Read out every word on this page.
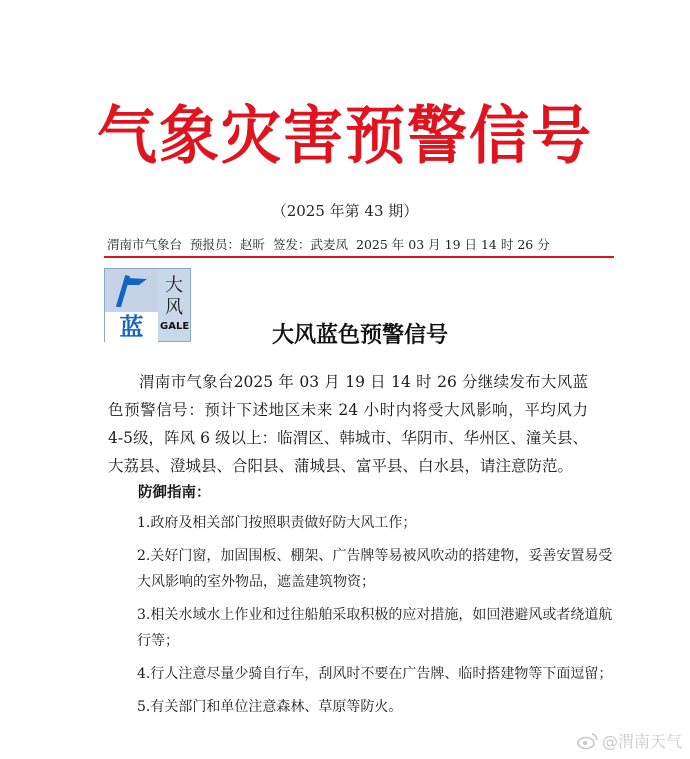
气象灾害预警信号
（2025 年第 43 期）
渭南市气象台 预报员：赵昕 签发：武麦凤 2025 年 03 月 19 日 14 时 26 分
大
风
蓝	GALE	大风蓝色预警信号
渭南市气象台2025 年 03 月 19 日 14 时 26 分继续发布大风蓝色预警信号：预计下述地区未来 24 小时内将受大风影响，平均风力 4-5级，阵风 6 级以上：临渭区、韩城市、华阴市、华州区、潼关县、大荔县、澄城县、合阳县、蒲城县、富平县、白水县，请注意防范。
防御指南：

1.政府及相关部门按照职责做好防大风工作；

2.关好门窗，加固围板、棚架、广告牌等易被风吹动的搭建物，妥善安置易受大风影响的室外物品，遮盖建筑物资；

3.相关水域水上作业和过往船舶采取积极的应对措施，如回港避风或者绕道航行等；

4.行人注意尽量少骑自行车，刮风时不要在广告牌、临时搭建物等下面逗留；

5.有关部门和单位注意森林、草原等防火。

@渭南天气
